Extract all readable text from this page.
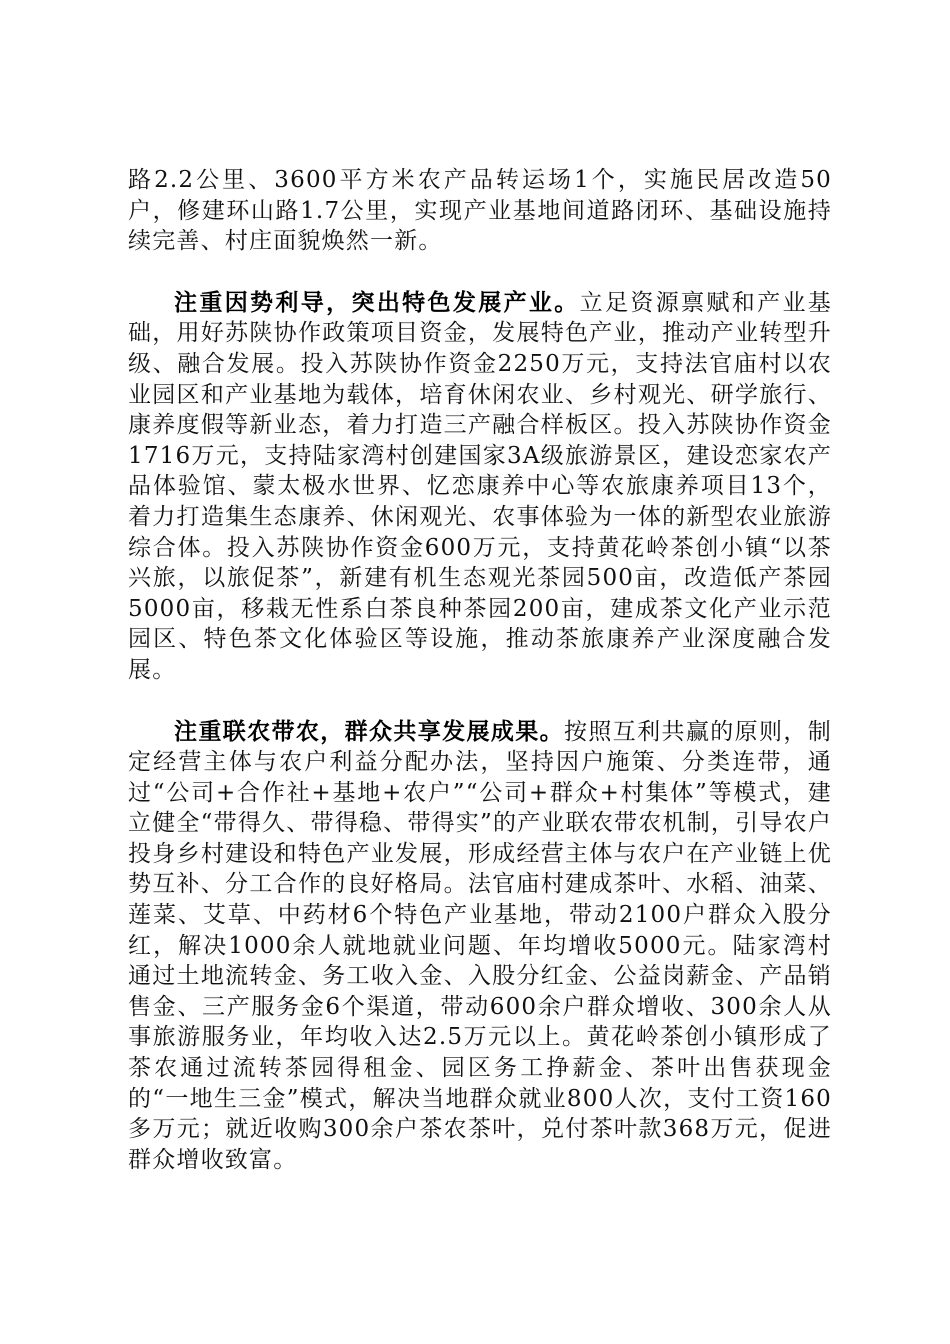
路2.2公里、3600平方米农产品转运场1个，实施民居改造50户，修建环山路1.7公里，实现产业基地间道路闭环、基础设施持续完善、村庄面貌焕然一新。

注重因势利导，突出特色发展产业。立足资源禀赋和产业基础，用好苏陕协作政策项目资金，发展特色产业，推动产业转型升级、融合发展。投入苏陕协作资金2250万元，支持法官庙村以农业园区和产业基地为载体，培育休闲农业、乡村观光、研学旅行、康养度假等新业态，着力打造三产融合样板区。投入苏陕协作资金1716万元，支持陆家湾村创建国家3A级旅游景区，建设恋家农产品体验馆、蒙太极水世界、忆恋康养中心等农旅康养项目13个，着力打造集生态康养、休闲观光、农事体验为一体的新型农业旅游综合体。投入苏陕协作资金600万元，支持黄花岭茶创小镇“以茶兴旅，以旅促茶”，新建有机生态观光茶园500亩，改造低产茶园5000亩，移栽无性系白茶良种茶园200亩，建成茶文化产业示范园区、特色茶文化体验区等设施，推动茶旅康养产业深度融合发展。

注重联农带农，群众共享发展成果。按照互利共赢的原则，制定经营主体与农户利益分配办法，坚持因户施策、分类连带，通过“公司+合作社+基地+农户”“公司+群众+村集体”等模式，建立健全“带得久、带得稳、带得实”的产业联农带农机制，引导农户投身乡村建设和特色产业发展，形成经营主体与农户在产业链上优势互补、分工合作的良好格局。法官庙村建成茶叶、水稻、油菜、莲菜、艾草、中药材6个特色产业基地，带动2100户群众入股分红，解决1000余人就地就业问题、年均增收5000元。陆家湾村通过土地流转金、务工收入金、入股分红金、公益岗薪金、产品销售金、三产服务金6个渠道，带动600余户群众增收、300余人从事旅游服务业，年均收入达2.5万元以上。黄花岭茶创小镇形成了茶农通过流转茶园得租金、园区务工挣薪金、茶叶出售获现金的“一地生三金”模式，解决当地群众就业800人次，支付工资160多万元；就近收购300余户茶农茶叶，兑付茶叶款368万元，促进群众增收致富。
